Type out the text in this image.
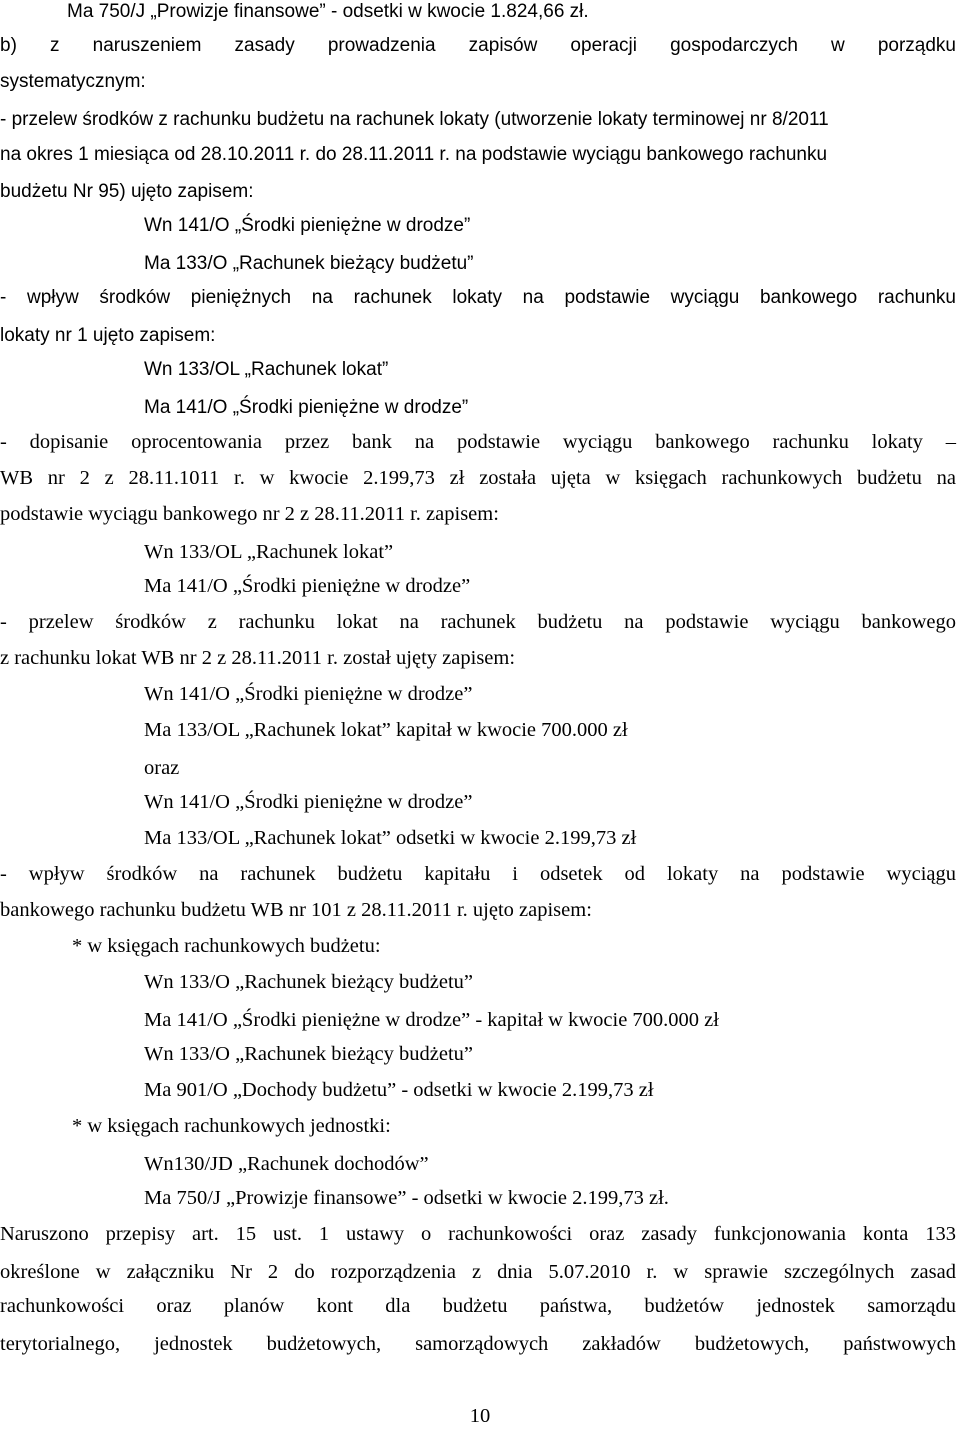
Ma 750/J „Prowizje finansowe” - odsetki w kwocie 1.824,66 zł.
b) z naruszeniem zasady prowadzenia zapisów operacji gospodarczych w porządku
systematycznym:
- przelew środków z rachunku budżetu na rachunek lokaty (utworzenie lokaty terminowej nr 8/2011
na okres 1 miesiąca od 28.10.2011 r. do 28.11.2011 r. na podstawie wyciągu bankowego rachunku
budżetu Nr 95) ujęto zapisem:
Wn 141/O „Środki pieniężne w drodze”
Ma 133/O „Rachunek bieżący budżetu”
- wpływ środków pieniężnych na rachunek lokaty na podstawie wyciągu bankowego rachunku
lokaty nr 1 ujęto zapisem:
Wn 133/OL „Rachunek lokat”
Ma 141/O „Środki pieniężne w drodze”
- dopisanie oprocentowania przez bank na podstawie wyciągu bankowego rachunku lokaty –
WB nr 2 z 28.11.1011 r. w kwocie 2.199,73 zł została ujęta w księgach rachunkowych budżetu na
podstawie wyciągu bankowego nr 2 z 28.11.2011 r. zapisem:
Wn 133/OL „Rachunek lokat”
Ma 141/O „Środki pieniężne w drodze”
- przelew środków z rachunku lokat na rachunek budżetu na podstawie wyciągu bankowego
z rachunku lokat WB nr 2 z 28.11.2011 r. został ujęty zapisem:
Wn 141/O „Środki pieniężne w drodze”
Ma 133/OL „Rachunek lokat” kapitał w kwocie 700.000 zł
oraz
Wn 141/O „Środki pieniężne w drodze”
Ma 133/OL „Rachunek lokat” odsetki w kwocie 2.199,73 zł
- wpływ środków na rachunek budżetu kapitału i odsetek od lokaty na podstawie wyciągu
bankowego rachunku budżetu WB nr 101 z 28.11.2011 r. ujęto zapisem:
* w księgach rachunkowych budżetu:
Wn 133/O „Rachunek bieżący budżetu”
Ma 141/O „Środki pieniężne w drodze” - kapitał w kwocie 700.000 zł
Wn 133/O „Rachunek bieżący budżetu”
Ma 901/O „Dochody budżetu” - odsetki w kwocie 2.199,73 zł
* w księgach rachunkowych jednostki:
Wn130/JD „Rachunek dochodów”
Ma 750/J „Prowizje finansowe” - odsetki w kwocie 2.199,73 zł.
Naruszono przepisy art. 15 ust. 1 ustawy o rachunkowości oraz zasady funkcjonowania konta 133
określone w załączniku Nr 2 do rozporządzenia z dnia 5.07.2010 r. w sprawie szczególnych zasad
rachunkowości oraz planów kont dla budżetu państwa, budżetów jednostek samorządu
terytorialnego, jednostek budżetowych, samorządowych zakładów budżetowych, państwowych
10
